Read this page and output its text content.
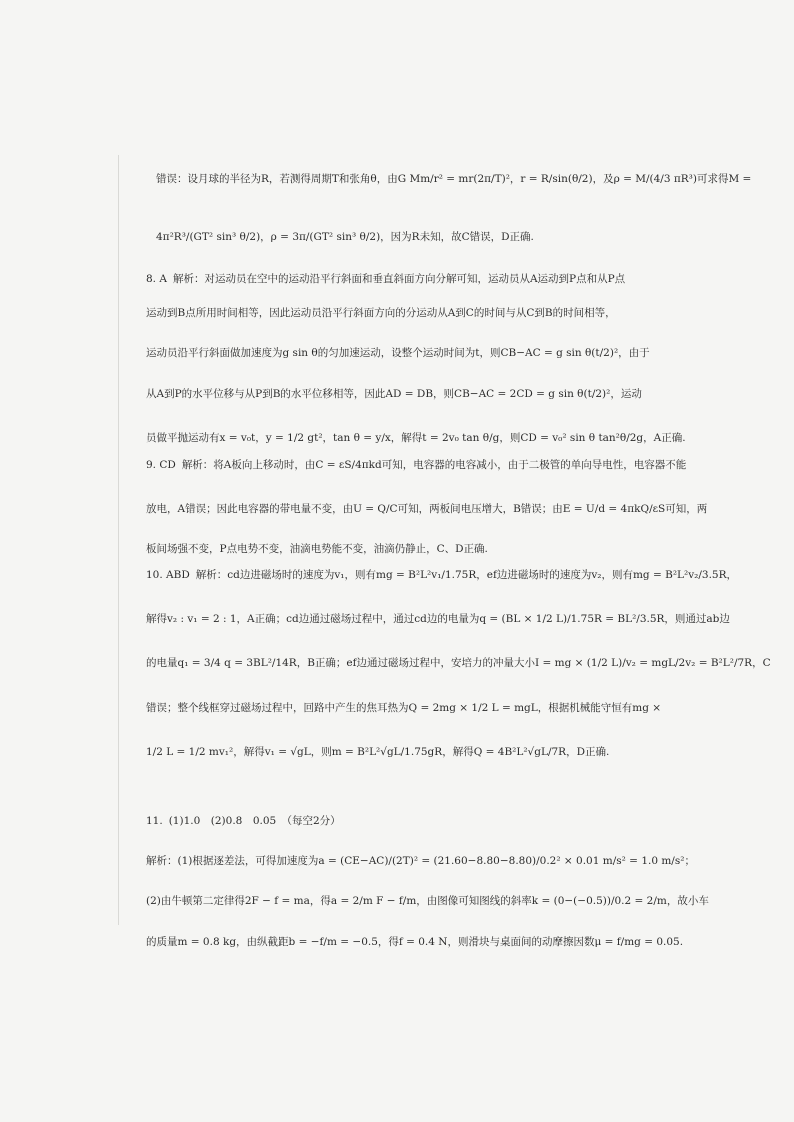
错误：设月球的半径为R，若测得周期T和张角θ，由G Mm/r² = mr(2π/T)²，r = R/sin(θ/2)，及ρ = M/(4/3 πR³)可求得M =
4π²R³/(GT² sin³ θ/2)，ρ = 3π/(GT² sin³ θ/2)，因为R未知，故C错误，D正确.
8. A 解析：对运动员在空中的运动沿平行斜面和垂直斜面方向分解可知，运动员从A运动到P点和从P点
运动到B点所用时间相等，因此运动员沿平行斜面方向的分运动从A到C的时间与从C到B的时间相等，
运动员沿平行斜面做加速度为g sin θ的匀加速运动，设整个运动时间为t，则CB−AC = g sin θ(t/2)²，由于
从A到P的水平位移与从P到B的水平位移相等，因此AD = DB，则CB−AC = 2CD = g sin θ(t/2)²，运动
员做平抛运动有x = v₀t，y = 1/2 gt²，tan θ = y/x，解得t = 2v₀ tan θ/g，则CD = v₀² sin θ tan²θ/2g，A正确.
9. CD 解析：将A板向上移动时，由C = εS/4πkd可知，电容器的电容减小，由于二极管的单向导电性，电容器不能
放电，A错误；因此电容器的带电量不变，由U = Q/C可知，两板间电压增大，B错误；由E = U/d = 4πkQ/εS可知，两
板间场强不变，P点电势不变，油滴电势能不变，油滴仍静止，C、D正确.
10. ABD 解析：cd边进磁场时的速度为v₁，则有mg = B²L²v₁/1.75R，ef边进磁场时的速度为v₂，则有mg = B²L²v₂/3.5R，
解得v₂ : v₁ = 2 : 1，A正确；cd边通过磁场过程中，通过cd边的电量为q = (BL × 1/2 L)/1.75R = BL²/3.5R，则通过ab边
的电量q₁ = 3/4 q = 3BL²/14R，B正确；ef边通过磁场过程中，安培力的冲量大小I = mg × (1/2 L)/v₂ = mgL/2v₂ = B²L²/7R，C
错误；整个线框穿过磁场过程中，回路中产生的焦耳热为Q = 2mg × 1/2 L = mgL，根据机械能守恒有mg ×
1/2 L = 1/2 mv₁²，解得v₁ = √gL，则m = B²L²√gL/1.75gR，解得Q = 4B²L²√gL/7R，D正确.
11. (1)1.0　(2)0.8　0.05　（每空2分）
解析：(1)根据逐差法，可得加速度为a = (CE−AC)/(2T)² = (21.60−8.80−8.80)/0.2² × 0.01 m/s² = 1.0 m/s²；
(2)由牛顿第二定律得2F − f = ma，得a = 2/m F − f/m，由图像可知图线的斜率k = (0−(−0.5))/0.2 = 2/m，故小车
的质量m = 0.8 kg，由纵截距b = −f/m = −0.5，得f = 0.4 N，则滑块与桌面间的动摩擦因数μ = f/mg = 0.05.
